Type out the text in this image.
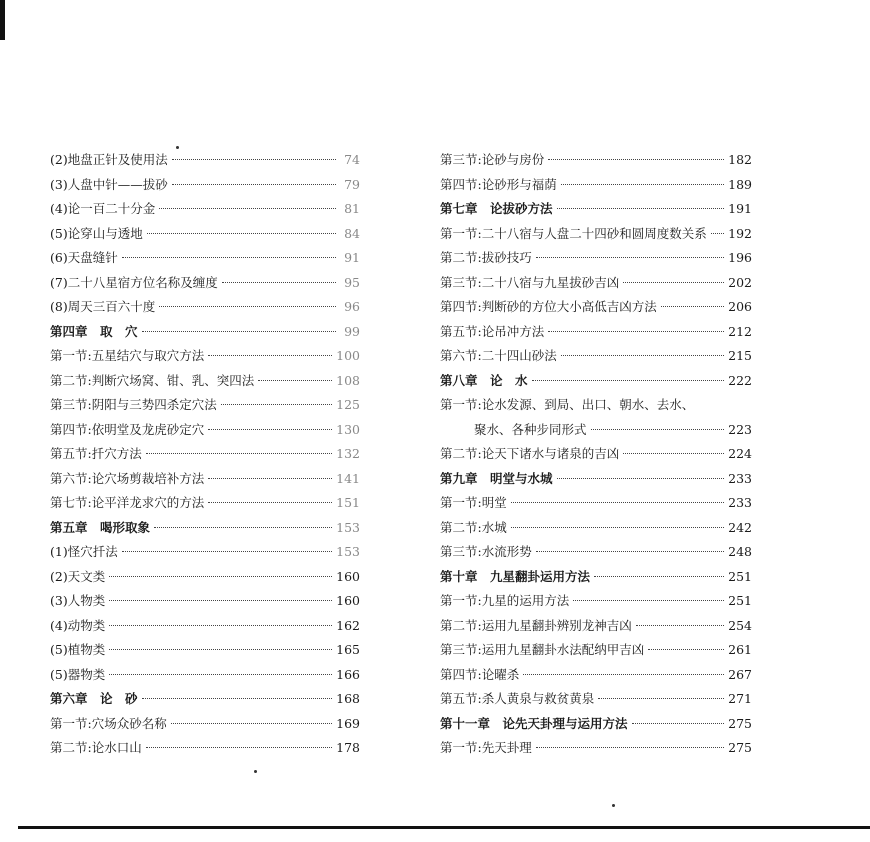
(2)地盘正针及使用法	74
(3)人盘中针——拔砂	79
(4)论一百二十分金	81
(5)论穿山与透地	84
(6)天盘缝针	91
(7)二十八星宿方位名称及缠度	95
(8)周天三百六十度	96
第四章　取　穴	99
第一节:五星结穴与取穴方法	100
第二节:判断穴场窝、钳、乳、突四法	108
第三节:阴阳与三势四杀定穴法	125
第四节:依明堂及龙虎砂定穴	130
第五节:扦穴方法	132
第六节:论穴场剪裁培补方法	141
第七节:论平洋龙求穴的方法	151
第五章　喝形取象	153
(1)怪穴扦法	153
(2)天文类	160
(3)人物类	160
(4)动物类	162
(5)植物类	165
(5)器物类	166
第六章　论　砂	168
第一节:穴场众砂名称	169
第二节:论水口山	178
第三节:论砂与房份	182
第四节:论砂形与福荫	189
第七章　论拔砂方法	191
第一节:二十八宿与人盘二十四砂和圆周度数关系 192
第二节:拔砂技巧	196
第三节:二十八宿与九星拔砂吉凶	202
第四节:判断砂的方位大小高低吉凶方法	206
第五节:论吊冲方法	212
第六节:二十四山砂法	215
第八章　论　水	222
第一节:论水发源、到局、出口、朝水、去水、
聚水、各种步同形式	223
第二节:论天下诸水与诸泉的吉凶	224
第九章　明堂与水城	233
第一节:明堂	233
第二节:水城	242
第三节:水流形势	248
第十章　九星翻卦运用方法	251
第一节:九星的运用方法	251
第二节:运用九星翻卦辨别龙神吉凶	254
第三节:运用九星翻卦水法配纳甲吉凶	261
第四节:论曜杀	267
第五节:杀人黄泉与救贫黄泉	271
第十一章　论先天卦理与运用方法	275
第一节:先天卦理	275
